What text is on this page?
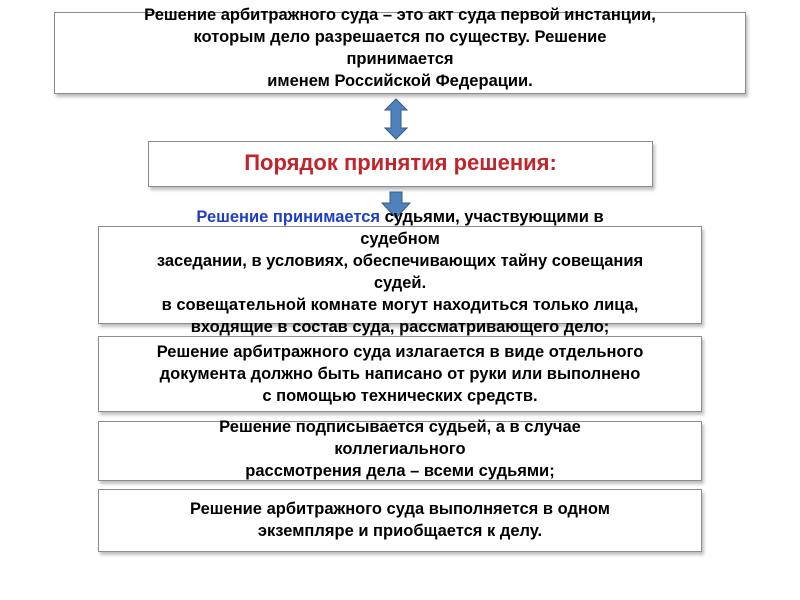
Решение арбитражного суда – это акт суда первой инстанции,
которым дело разрешается по существу. Решение
принимается
именем Российской Федерации.
Порядок принятия решения:
Решение принимается судьями, участвующими в
судебном
заседании, в условиях, обеспечивающих тайну совещания
судей.
в совещательной комнате могут находиться только лица,
входящие в состав суда, рассматривающего дело;
Решение арбитражного суда излагается в виде отдельного
документа должно быть написано от руки или выполнено
с помощью технических средств.
Решение подписывается судьей, а в случае
коллегиального
рассмотрения дела – всеми судьями;
Решение арбитражного суда выполняется в одном
экземпляре и приобщается к делу.
